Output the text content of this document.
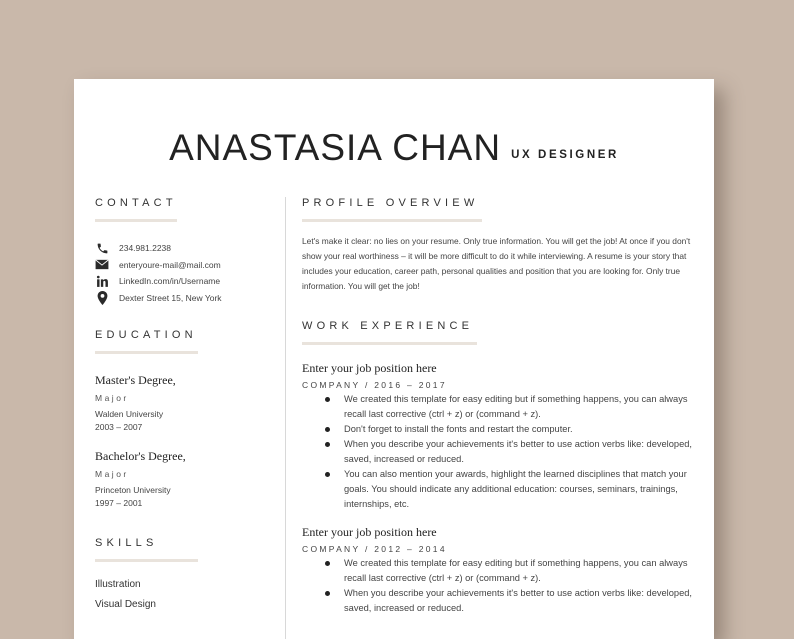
ANASTASIA CHAN UX DESIGNER

CONTACT

234.981.2238
enteryoure-mail@mail.com
LinkedIn.com/in/Username
Dexter Street 15, New York

EDUCATION

Master's Degree,

Major
Walden University
2003 – 2007

Bachelor's Degree,

Major
Princeton University
1997 – 2001

SKILLS

Illustration
Visual Design

PROFILE OVERVIEW

Let's make it clear: no lies on your resume. Only true information. You will get the job! At once if you don't show your real worthiness – it will be more difficult to do it while interviewing. A resume is your story that includes your education, career path, personal qualities and position that you are looking for. Only true information. You will get the job!

WORK EXPERIENCE

Enter your job position here
COMPANY / 2016 – 2017
We created this template for easy editing but if something happens, you can always recall last corrective (ctrl + z) or (command + z).
Don't forget to install the fonts and restart the computer.
When you describe your achievements it's better to use action verbs like: developed, saved, increased or reduced.
You can also mention your awards, highlight the learned disciplines that match your goals. You should indicate any additional education: courses, seminars, trainings, internships, etc.
Enter your job position here
COMPANY / 2012 – 2014
We created this template for easy editing but if something happens, you can always recall last corrective (ctrl + z) or (command + z).
When you describe your achievements it's better to use action verbs like: developed, saved, increased or reduced.
